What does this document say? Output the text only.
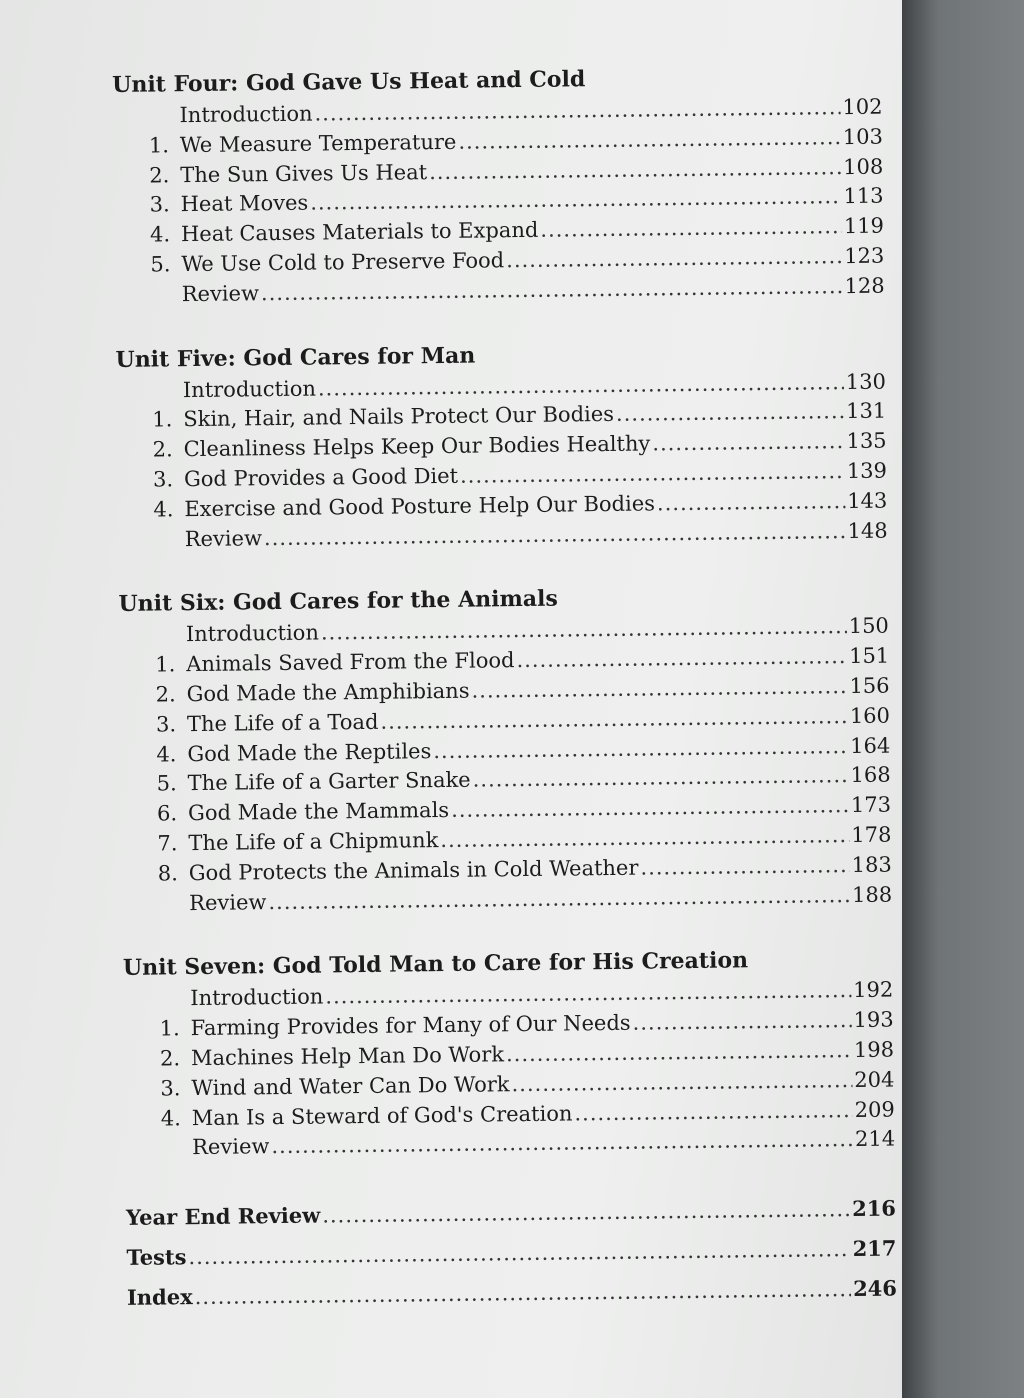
Unit Four: God Gave Us Heat and Cold
Introduction .....	102
1. We Measure Temperature .....	103
2. The Sun Gives Us Heat .....	108
3. Heat Moves .....	113
4. Heat Causes Materials to Expand .....	119
5. We Use Cold to Preserve Food .....	123
Review .....	128
Unit Five: God Cares for Man
Introduction .....	130
1. Skin, Hair, and Nails Protect Our Bodies .....	131
2. Cleanliness Helps Keep Our Bodies Healthy .....	135
3. God Provides a Good Diet .....	139
4. Exercise and Good Posture Help Our Bodies .....	143
Review .....	148
Unit Six: God Cares for the Animals
Introduction .....	150
1. Animals Saved From the Flood .....	151
2. God Made the Amphibians .....	156
3. The Life of a Toad .....	160
4. God Made the Reptiles .....	164
5. The Life of a Garter Snake .....	168
6. God Made the Mammals .....	173
7. The Life of a Chipmunk .....	178
8. God Protects the Animals in Cold Weather .....	183
Review .....	188
Unit Seven: God Told Man to Care for His Creation
Introduction .....	192
1. Farming Provides for Many of Our Needs .....	193
2. Machines Help Man Do Work .....	198
3. Wind and Water Can Do Work .....	204
4. Man Is a Steward of God's Creation .....	209
Review .....	214
Year End Review .....	216
Tests .....	217
Index .....	246
